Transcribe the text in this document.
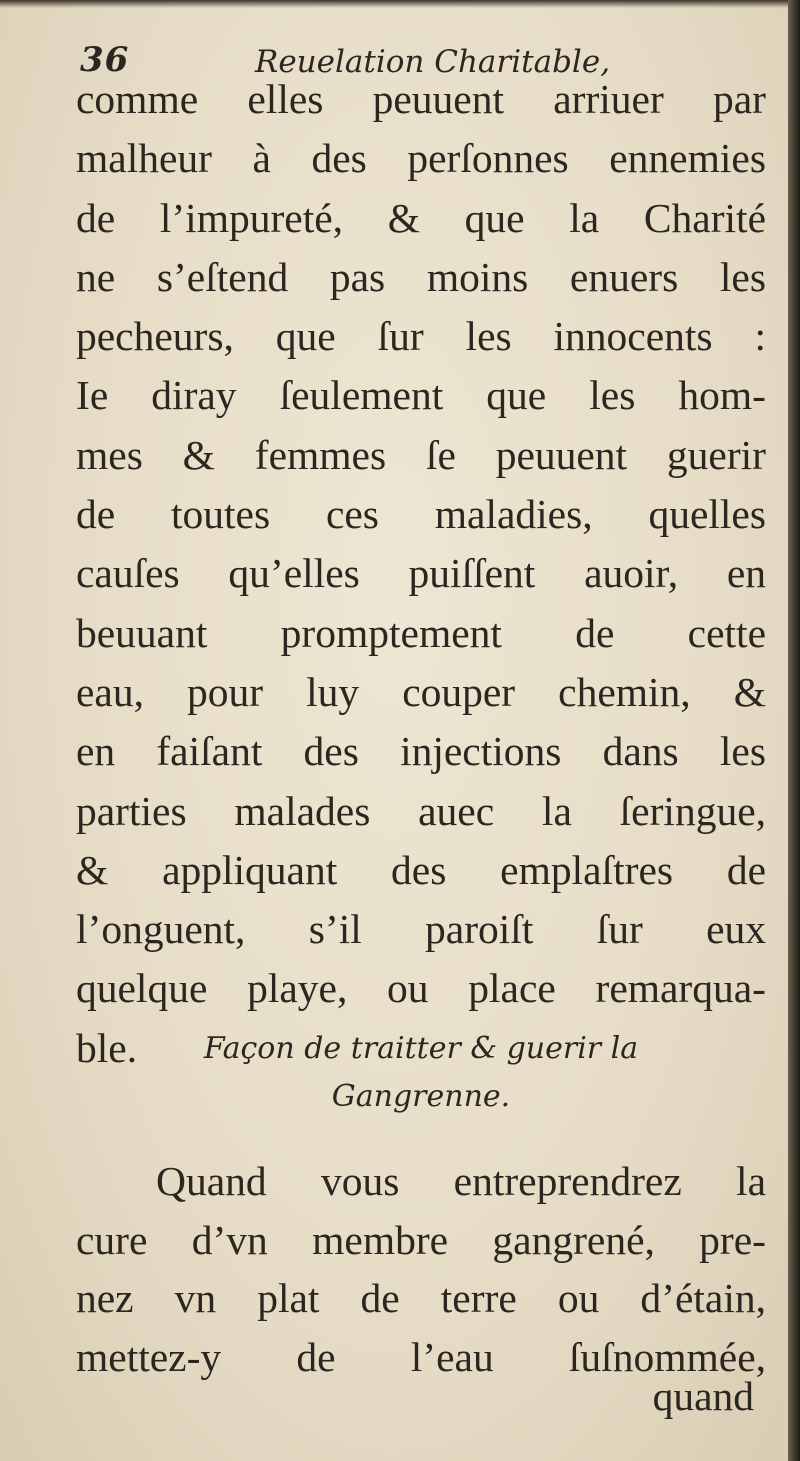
36	Reuelation Charitable,
comme elles peuuent arriuer par
malheur à des perſonnes ennemies
de l’impureté, & que la Charité
ne s’eſtend pas moins enuers les
pecheurs, que ſur les innocents :
Ie diray ſeulement que les hom-
mes & femmes ſe peuuent guerir
de toutes ces maladies, quelles
cauſes qu’elles puiſſent auoir, en
beuuant promptement de cette
eau, pour luy couper chemin, &
en faiſant des injections dans les
parties malades auec la ſeringue,
& appliquant des emplaſtres de
l’onguent, s’il paroiſt ſur eux
quelque playe, ou place remarqua-
ble.	Façon de traitter & guerir la
Gangrenne.
Quand vous entreprendrez la
cure d’vn membre gangrené, pre-
nez vn plat de terre ou d’étain,
mettez-y de l’eau ſuſnommée,
quand
